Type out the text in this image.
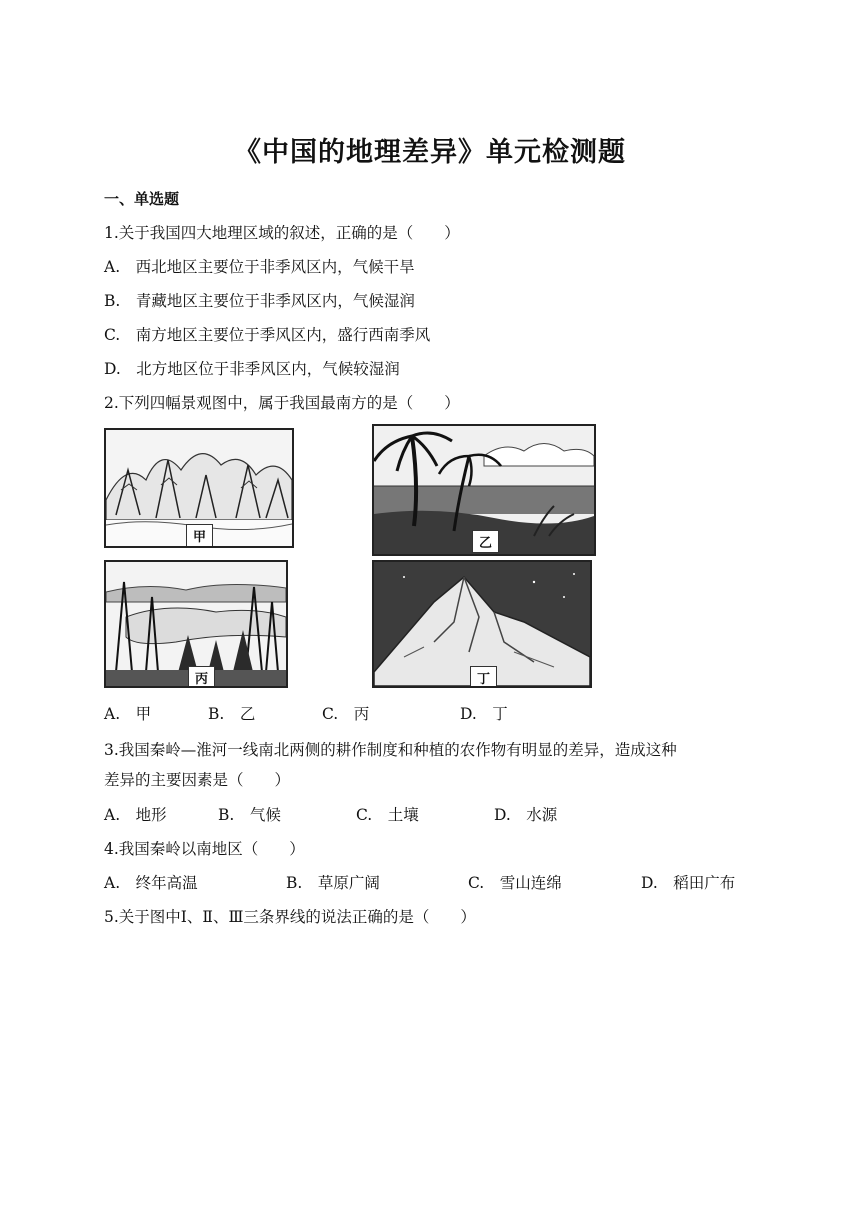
《中国的地理差异》单元检测题
一、单选题
1.关于我国四大地理区域的叙述，正确的是（　　）
A.　西北地区主要位于非季风区内，气候干旱
B.　青藏地区主要位于非季风区内，气候湿润
C.　南方地区主要位于季风区内，盛行西南季风
D.　北方地区位于非季风区内，气候较湿润
2.下列四幅景观图中，属于我国最南方的是（　　）
甲	乙
丙	丁
A.　甲	B.　乙	C.　丙	D.　丁
3.我国秦岭—淮河一线南北两侧的耕作制度和种植的农作物有明显的差异，造成这种
差异的主要因素是（　　）
A.　地形	B.　气候	C.　土壤	D.　水源
4.我国秦岭以南地区（　　）
A.　终年高温	B.　草原广阔	C.　雪山连绵	D.　稻田广布
5.关于图中Ⅰ、Ⅱ、Ⅲ三条界线的说法正确的是（　　）
